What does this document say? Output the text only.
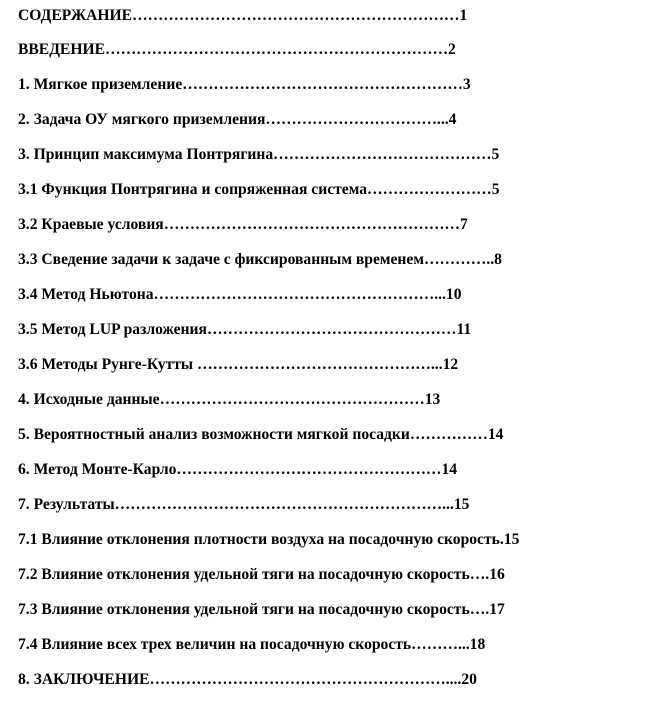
СОДЕРЖАНИЕ………………………………………………………1

ВВЕДЕНИЕ…………………………………………………………2

1. Мягкое приземление………………………………………………3

2. Задача ОУ мягкого приземления……………………………...4

3. Принцип максимума Понтрягина……………………………………5

3.1 Функция Понтрягина и сопряженная система……………………5

3.2 Краевые условия…………………………………………………7

3.3 Сведение задачи к задаче с фиксированным временем…………..8

3.4 Метод Ньютона………………………………………………...10

3.5 Метод LUP разложения…………………………………………11

3.6 Методы Рунге-Кутты ………………………………………...12

4. Исходные данные……………………………………………13

5. Вероятностный анализ возможности мягкой посадки……………14

6. Метод Монте-Карло……………………………………………14

7. Результаты………………………………………………………...15

7.1 Влияние отклонения плотности воздуха на посадочную скорость.15

7.2 Влияние отклонения удельной тяги на посадочную скорость….16

7.3 Влияние отклонения удельной тяги на посадочную скорость….17

7.4 Влияние всех трех величин на посадочную скорость………...18

8. ЗАКЛЮЧЕНИЕ…………………………………………………....20
